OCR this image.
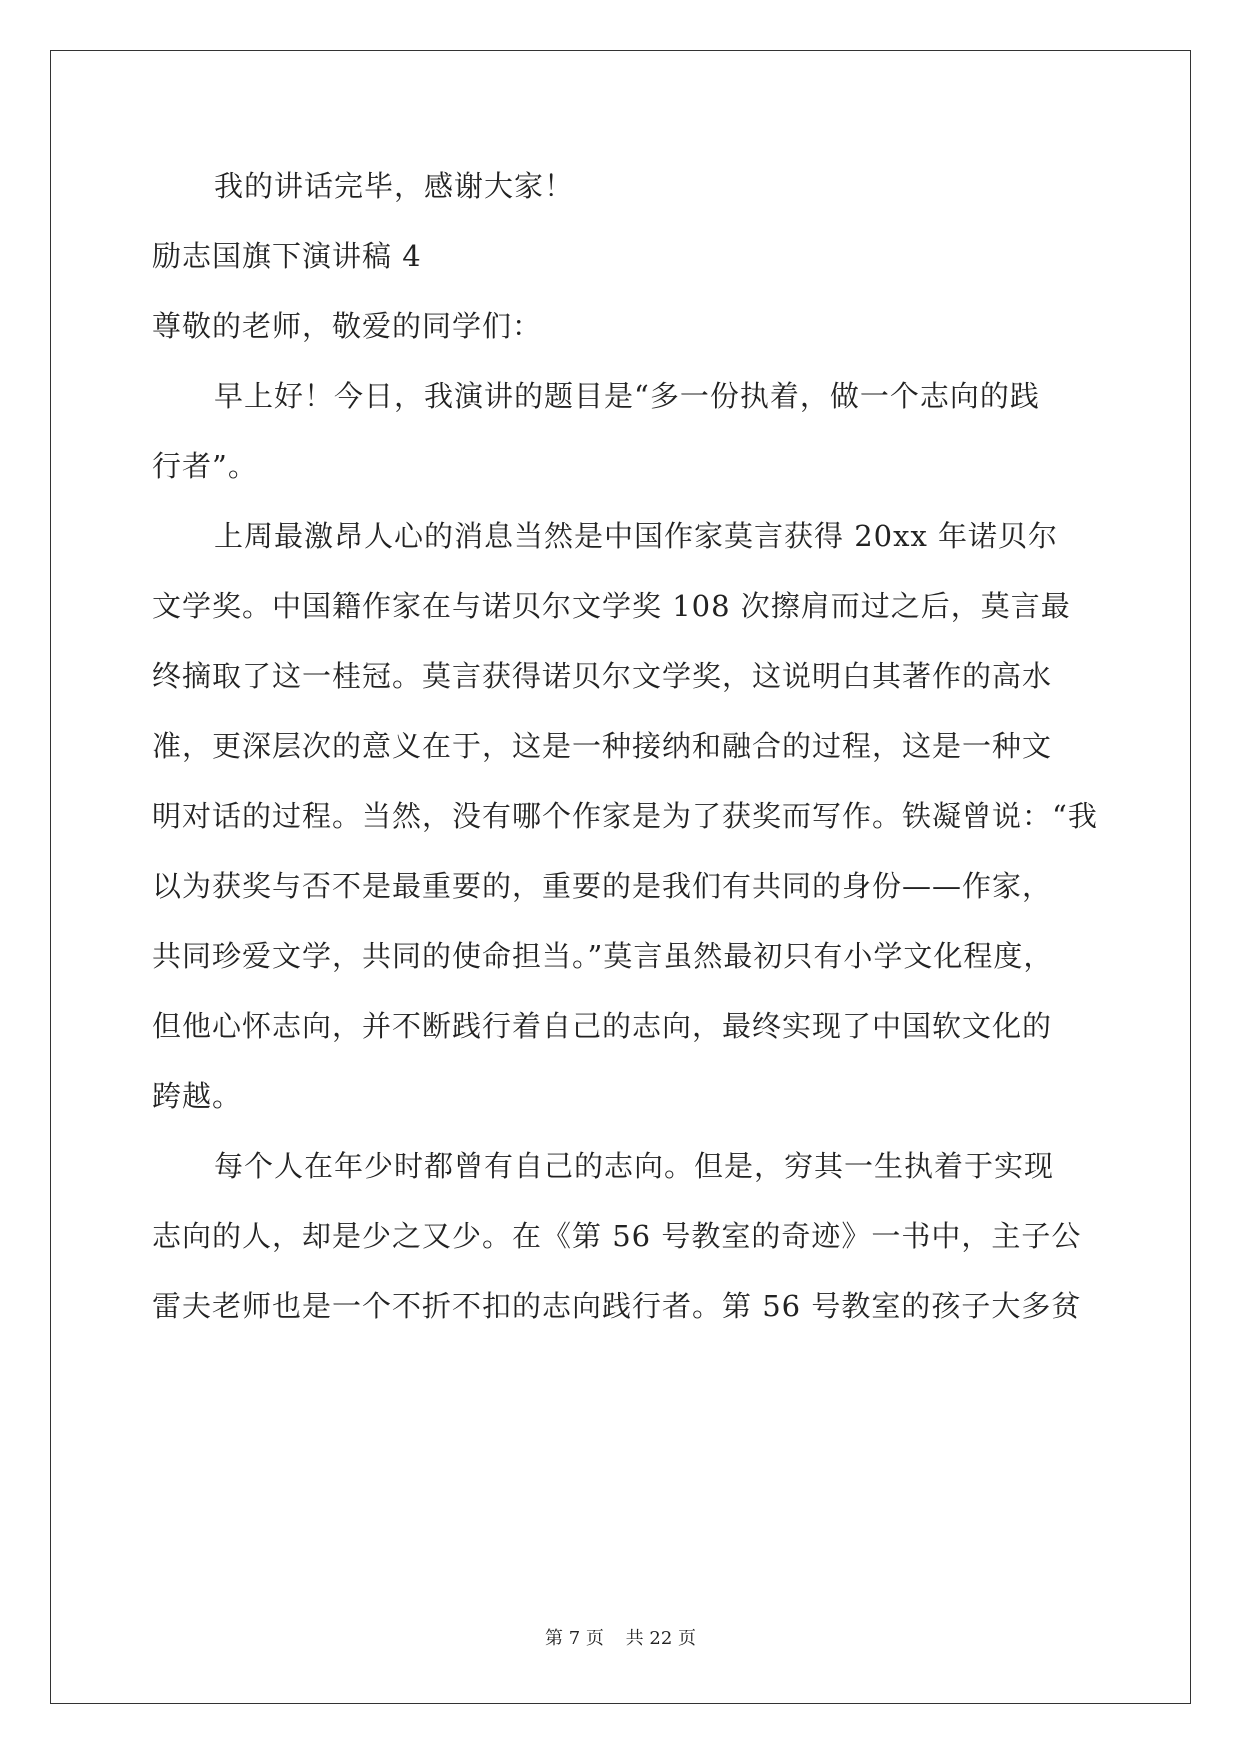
我的讲话完毕，感谢大家！
励志国旗下演讲稿 4
尊敬的老师，敬爱的同学们：
早上好！今日，我演讲的题目是“多一份执着，做一个志向的践
行者”。
上周最激昂人心的消息当然是中国作家莫言获得 20xx 年诺贝尔
文学奖。中国籍作家在与诺贝尔文学奖 108 次擦肩而过之后，莫言最
终摘取了这一桂冠。莫言获得诺贝尔文学奖，这说明白其著作的高水
准，更深层次的意义在于，这是一种接纳和融合的过程，这是一种文
明对话的过程。当然，没有哪个作家是为了获奖而写作。铁凝曾说：“我
以为获奖与否不是最重要的，重要的是我们有共同的身份——作家，
共同珍爱文学，共同的使命担当。”莫言虽然最初只有小学文化程度，
但他心怀志向，并不断践行着自己的志向，最终实现了中国软文化的
跨越。
每个人在年少时都曾有自己的志向。但是，穷其一生执着于实现
志向的人，却是少之又少。在《第 56 号教室的奇迹》一书中，主子公
雷夫老师也是一个不折不扣的志向践行者。第 56 号教室的孩子大多贫
第 7 页 共 22 页
